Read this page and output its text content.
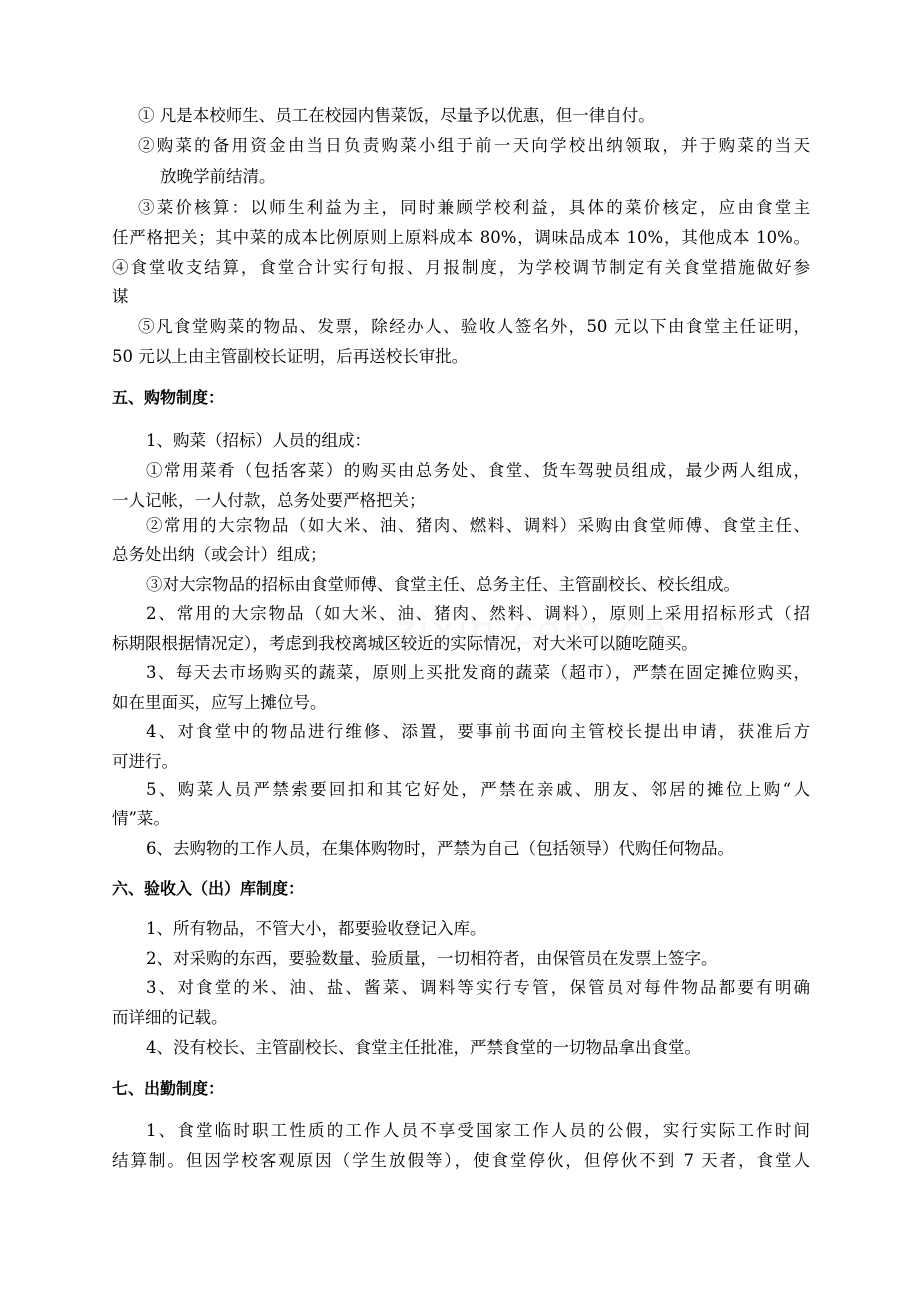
① 凡是本校师生、员工在校园内售菜饭，尽量予以优惠，但一律自付。
②购菜的备用资金由当日负责购菜小组于前一天向学校出纳领取，并于购菜的当天
放晚学前结清。
③菜价核算：以师生利益为主，同时兼顾学校利益，具体的菜价核定，应由食堂主
任严格把关；其中菜的成本比例原则上原料成本 80%，调味品成本 10%，其他成本 10%。
④食堂收支结算，食堂合计实行旬报、月报制度，为学校调节制定有关食堂措施做好参
谋
⑤凡食堂购菜的物品、发票，除经办人、验收人签名外，50 元以下由食堂主任证明，
50 元以上由主管副校长证明，后再送校长审批。
五、购物制度：
1、购菜（招标）人员的组成：
①常用菜肴（包括客菜）的购买由总务处、食堂、货车驾驶员组成，最少两人组成，
一人记帐，一人付款，总务处要严格把关；
②常用的大宗物品（如大米、油、猪肉、燃料、调料）采购由食堂师傅、食堂主任、
总务处出纳（或会计）组成；
③对大宗物品的招标由食堂师傅、食堂主任、总务主任、主管副校长、校长组成。
2、常用的大宗物品（如大米、油、猪肉、然料、调料），原则上采用招标形式（招
标期限根据情况定），考虑到我校离城区较近的实际情况，对大米可以随吃随买。
3、每天去市场购买的蔬菜，原则上买批发商的蔬菜（超市），严禁在固定摊位购买，
如在里面买，应写上摊位号。
4、对食堂中的物品进行维修、添置，要事前书面向主管校长提出申请，获准后方
可进行。
5、购菜人员严禁索要回扣和其它好处，严禁在亲戚、朋友、邻居的摊位上购“人
情”菜。
6、去购物的工作人员，在集体购物时，严禁为自己（包括领导）代购任何物品。
六、验收入（出）库制度：
1、所有物品，不管大小，都要验收登记入库。
2、对采购的东西，要验数量、验质量，一切相符者，由保管员在发票上签字。
3、对食堂的米、油、盐、酱菜、调料等实行专管，保管员对每件物品都要有明确
而详细的记载。
4、没有校长、主管副校长、食堂主任批准，严禁食堂的一切物品拿出食堂。
七、出勤制度：
1、食堂临时职工性质的工作人员不享受国家工作人员的公假，实行实际工作时间
结算制。但因学校客观原因（学生放假等），使食堂停伙，但停伙不到 7 天者，食堂人
